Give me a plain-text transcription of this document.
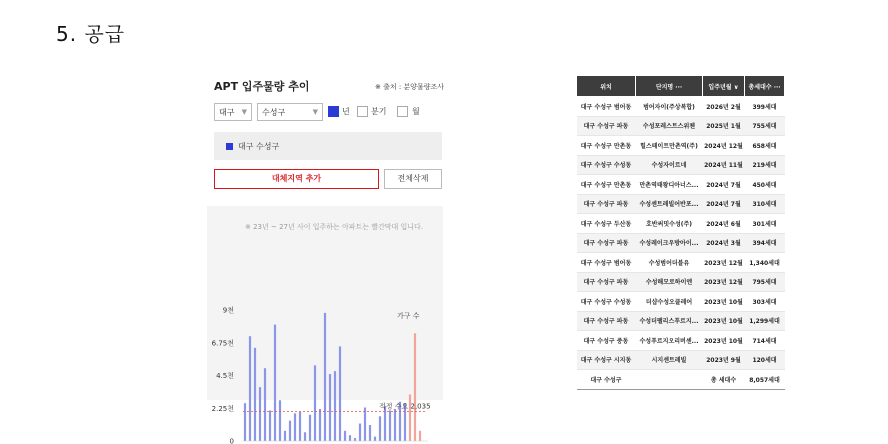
5. 공급
APT 입주물량 추이	※ 출처 : 분양물량조사
대구 ▼	수성구	▼	년	분기	월
대구 수성구
대체지역 추가	전체삭제
※ 23년 ~ 27년 사이 입주하는 아파트는 빨간막대 입니다.
0
2.25천
4.5천
6.75천
9천
적정 수요 2,035
가구 수
위치	단지명 ···	입주년월 ∨	총세대수 ···
대구 수성구 범어동	범어자이(주상복합)	2026년 2월	399세대
대구 수성구 파동	수성포레스트스위첸	2025년 1월	755세대
대구 수성구 만촌동	힐스테이트만촌역(주)	2024년 12월	658세대
대구 수성구 수성동	수성자이르네	2024년 11월	219세대
대구 수성구 만촌동	만촌역태왕디아너스...	2024년 7월	450세대
대구 수성구 파동	수성센트레빌어반포...	2024년 7월	310세대
대구 수성구 두산동	호반써밋수성(주)	2024년 6월	301세대
대구 수성구 파동	수성레이크우방아이...	2024년 3월	394세대
대구 수성구 범어동	수성범어더블유	2023년 12월	1,340세대
대구 수성구 파동	수성해모로하이엔	2023년 12월	795세대
대구 수성구 수성동	더샵수성오클레어	2023년 10월	303세대
대구 수성구 파동	수성더팰리스푸르지...	2023년 10월	1,299세대
대구 수성구 중동	수성푸르지오리버센...	2023년 10월	714세대
대구 수성구 시지동	시지센트레빌	2023년 9월	120세대
대구 수성구		총 세대수	8,057세대
